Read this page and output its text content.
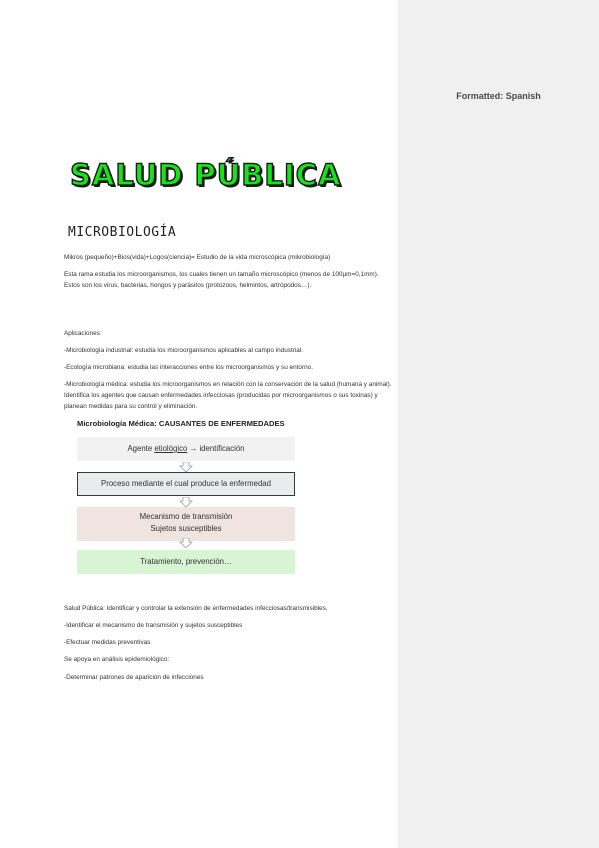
Formatted: Spanish
SALUD PÚBLICA
MICROBIOLOGÍA
Mikros (pequeño)+Bios(vida)+Logos(ciencia)= Estudio de la vida microscópica (mikrobiología)
Esta rama estudia los microorganismos, los cuales tienen un tamaño microscópico (menos de 100µm=0,1mm). Estos son los virus, bacterias, hongos y parásitos (protozoos, helmintos, artrópodos…).
Aplicaciones:
-Microbiología industrial: estudia los microorganismos aplicables al campo industrial.
-Ecología microbiana: estudia las interacciones entre los microorganismos y su entorno.
-Microbiología médica: estudia los microorganismos en relación con la conservación de la salud (humana y animal). Identifica los agentes que causan enfermedades infecciosas (producidas por microorganismos o sus toxinas) y planean medidas para su control y eliminación.
Microbiología Médica: CAUSANTES DE ENFERMEDADES
Agente etiológico → identificación
Proceso mediante el cual produce la enfermedad
Mecanismo de transmisión
Sujetos susceptibles
Tratamiento, prevención…
Salud Pública: Identificar y controlar la extensión de enfermedades infecciosas/transmisibles.
-Identificar el mecanismo de transmisión y sujetos susceptibles
-Efectuar medidas preventivas
Se apoya en análisis epidemiológico:
-Determinar patrones de aparición de infecciones
